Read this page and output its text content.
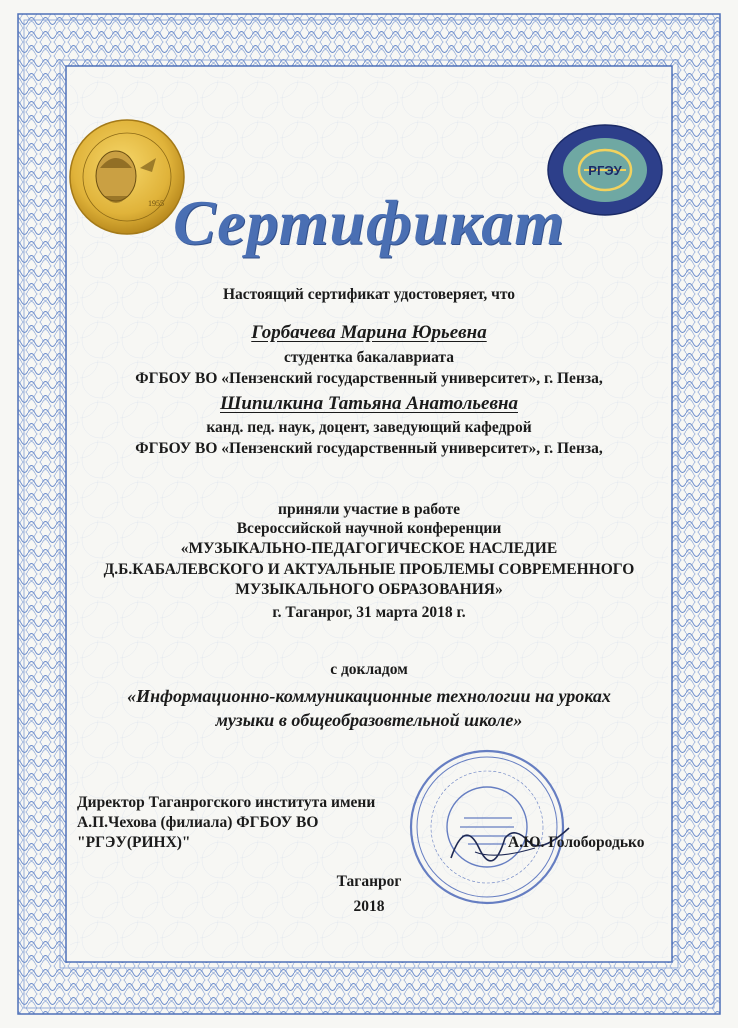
1955
РГЭУ
Сертификат
Настоящий сертификат удостоверяет, что
Горбачева Марина Юрьевна
студентка бакалавриата
ФГБОУ ВО «Пензенский государственный университет», г. Пенза,
Шипилкина Татьяна Анатольевна
канд. пед. наук, доцент, заведующий кафедрой
ФГБОУ ВО «Пензенский государственный университет», г. Пенза,
приняли участие в работе
Всероссийской научной конференции
«МУЗЫКАЛЬНО-ПЕДАГОГИЧЕСКОЕ НАСЛЕДИЕ
Д.Б.КАБАЛЕВСКОГО И АКТУАЛЬНЫЕ ПРОБЛЕМЫ СОВРЕМЕННОГО
МУЗЫКАЛЬНОГО ОБРАЗОВАНИЯ»
г. Таганрог, 31 марта 2018 г.
с докладом
«Информационно-коммуникационные технологии на уроках
музыки в общеобразовтельной школе»
Директор Таганрогского института имени
А.П.Чехова (филиала) ФГБОУ ВО
"РГЭУ(РИНХ)"	А.Ю. Голобородько
Таганрог
2018
